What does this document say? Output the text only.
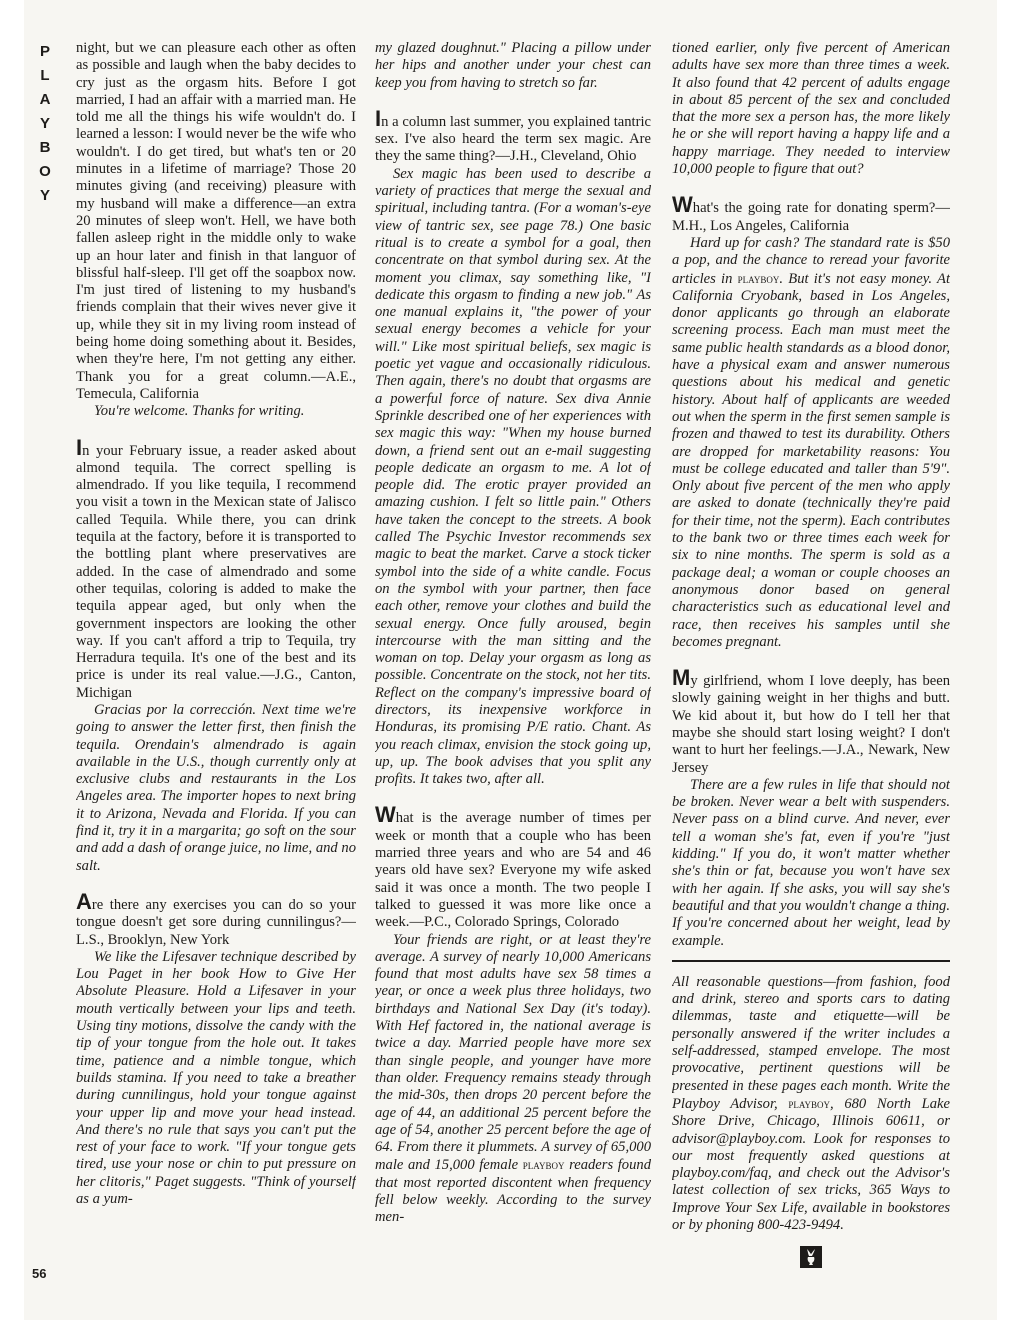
P
L
A
Y
B
O
Y
56

night, but we can pleasure each other as often as possible and laugh when the baby decides to cry just as the orgasm hits. Before I got married, I had an affair with a married man. He told me all the things his wife wouldn't do. I learned a lesson: I would never be the wife who wouldn't. I do get tired, but what's ten or 20 minutes in a lifetime of marriage? Those 20 minutes giving (and receiving) pleasure with my husband will make a difference—an extra 20 minutes of sleep won't. Hell, we have both fallen asleep right in the middle only to wake up an hour later and finish in that languor of blissful half-sleep. I'll get off the soapbox now. I'm just tired of listening to my husband's friends complain that their wives never give it up, while they sit in my living room instead of being home doing something about it. Besides, when they're here, I'm not getting any either. Thank you for a great column.—A.E., Temecula, California

You're welcome. Thanks for writing.

In your February issue, a reader asked about almond tequila. The correct spelling is almendrado. If you like tequila, I recommend you visit a town in the Mexican state of Jalisco called Tequila. While there, you can drink tequila at the factory, before it is transported to the bottling plant where preservatives are added. In the case of almendrado and some other tequilas, coloring is added to make the tequila appear aged, but only when the government inspectors are looking the other way. If you can't afford a trip to Tequila, try Herradura tequila. It's one of the best and its price is under its real value.—J.G., Canton, Michigan

Gracias por la corrección. Next time we're going to answer the letter first, then finish the tequila. Orendain's almendrado is again available in the U.S., though currently only at exclusive clubs and restaurants in the Los Angeles area. The importer hopes to next bring it to Arizona, Nevada and Florida. If you can find it, try it in a margarita; go soft on the sour and add a dash of orange juice, no lime, and no salt.

Are there any exercises you can do so your tongue doesn't get sore during cunnilingus?—L.S., Brooklyn, New York

We like the Lifesaver technique described by Lou Paget in her book How to Give Her Absolute Pleasure. Hold a Lifesaver in your mouth vertically between your lips and teeth. Using tiny motions, dissolve the candy with the tip of your tongue from the hole out. It takes time, patience and a nimble tongue, which builds stamina. If you need to take a breather during cunnilingus, hold your tongue against your upper lip and move your head instead. And there's no rule that says you can't put the rest of your face to work. "If your tongue gets tired, use your nose or chin to put pressure on her clitoris," Paget suggests. "Think of yourself as a yum-

my glazed doughnut." Placing a pillow under her hips and another under your chest can keep you from having to stretch so far.

In a column last summer, you explained tantric sex. I've also heard the term sex magic. Are they the same thing?—J.H., Cleveland, Ohio

Sex magic has been used to describe a variety of practices that merge the sexual and spiritual, including tantra. (For a woman's-eye view of tantric sex, see page 78.) One basic ritual is to create a symbol for a goal, then concentrate on that symbol during sex. At the moment you climax, say something like, "I dedicate this orgasm to finding a new job." As one manual explains it, "the power of your sexual energy becomes a vehicle for your will." Like most spiritual beliefs, sex magic is poetic yet vague and occasionally ridiculous. Then again, there's no doubt that orgasms are a powerful force of nature. Sex diva Annie Sprinkle described one of her experiences with sex magic this way: "When my house burned down, a friend sent out an e-mail suggesting people dedicate an orgasm to me. A lot of people did. The erotic prayer provided an amazing cushion. I felt so little pain." Others have taken the concept to the streets. A book called The Psychic Investor recommends sex magic to beat the market. Carve a stock ticker symbol into the side of a white candle. Focus on the symbol with your partner, then face each other, remove your clothes and build the sexual energy. Once fully aroused, begin intercourse with the man sitting and the woman on top. Delay your orgasm as long as possible. Concentrate on the stock, not her tits. Reflect on the company's impressive board of directors, its inexpensive workforce in Honduras, its promising P/E ratio. Chant. As you reach climax, envision the stock going up, up, up. The book advises that you split any profits. It takes two, after all.

What is the average number of times per week or month that a couple who has been married three years and who are 54 and 46 years old have sex? Everyone my wife asked said it was once a month. The two people I talked to guessed it was more like once a week.—P.C., Colorado Springs, Colorado

Your friends are right, or at least they're average. A survey of nearly 10,000 Americans found that most adults have sex 58 times a year, or once a week plus three holidays, two birthdays and National Sex Day (it's today). With Hef factored in, the national average is twice a day. Married people have more sex than single people, and younger have more than older. Frequency remains steady through the mid-30s, then drops 20 percent before the age of 44, an additional 25 percent before the age of 54, another 25 percent before the age of 64. From there it plummets. A survey of 65,000 male and 15,000 female playboy readers found that most reported discontent when frequency fell below weekly. According to the survey men-

tioned earlier, only five percent of American adults have sex more than three times a week. It also found that 42 percent of adults engage in about 85 percent of the sex and concluded that the more sex a person has, the more likely he or she will report having a happy life and a happy marriage. They needed to interview 10,000 people to figure that out?

What's the going rate for donating sperm?—M.H., Los Angeles, California

Hard up for cash? The standard rate is $50 a pop, and the chance to reread your favorite articles in playboy. But it's not easy money. At California Cryobank, based in Los Angeles, donor applicants go through an elaborate screening process. Each man must meet the same public health standards as a blood donor, have a physical exam and answer numerous questions about his medical and genetic history. About half of applicants are weeded out when the sperm in the first semen sample is frozen and thawed to test its durability. Others are dropped for marketability reasons: You must be college educated and taller than 5'9". Only about five percent of the men who apply are asked to donate (technically they're paid for their time, not the sperm). Each contributes to the bank two or three times each week for six to nine months. The sperm is sold as a package deal; a woman or couple chooses an anonymous donor based on general characteristics such as educational level and race, then receives his samples until she becomes pregnant.

My girlfriend, whom I love deeply, has been slowly gaining weight in her thighs and butt. We kid about it, but how do I tell her that maybe she should start losing weight? I don't want to hurt her feelings.—J.A., Newark, New Jersey

There are a few rules in life that should not be broken. Never wear a belt with suspenders. Never pass on a blind curve. And never, ever tell a woman she's fat, even if you're "just kidding." If you do, it won't matter whether she's thin or fat, because you won't have sex with her again. If she asks, you will say she's beautiful and that you wouldn't change a thing. If you're concerned about her weight, lead by example.

All reasonable questions—from fashion, food and drink, stereo and sports cars to dating dilemmas, taste and etiquette—will be personally answered if the writer includes a self-addressed, stamped envelope. The most provocative, pertinent questions will be presented in these pages each month. Write the Playboy Advisor, playboy, 680 North Lake Shore Drive, Chicago, Illinois 60611, or advisor@playboy.com. Look for responses to our most frequently asked questions at playboy.com/faq, and check out the Advisor's latest collection of sex tricks, 365 Ways to Improve Your Sex Life, available in bookstores or by phoning 800-423-9494.
